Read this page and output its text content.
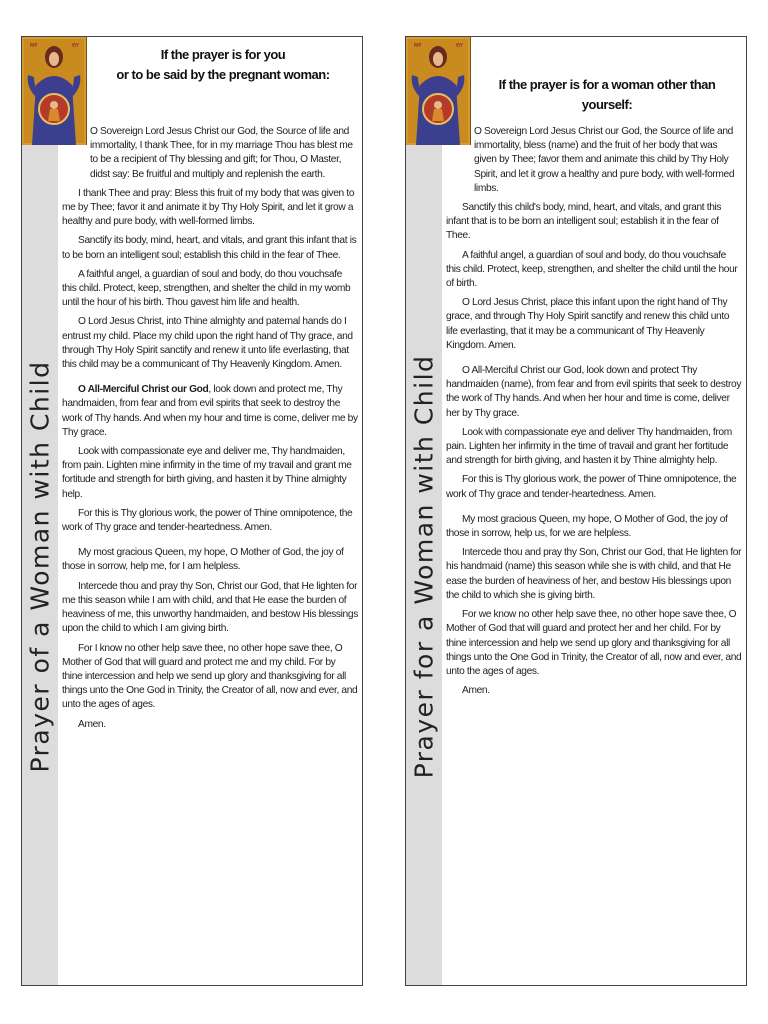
Prayer of a Woman with Child
MP	ΘΥ
If the prayer is for you
or to be said by the pregnant woman:

O Sovereign Lord Jesus Christ our God, the Source of life and immortality, I thank Thee, for in my marriage Thou has blest me to be a recipient of Thy blessing and gift; for Thou, O Master, didst say: Be fruitful and multiply and replenish the earth.

I thank Thee and pray: Bless this fruit of my body that was given to me by Thee; favor it and animate it by Thy Holy Spirit, and let it grow a healthy and pure body, with well-formed limbs.

Sanctify its body, mind, heart, and vitals, and grant this infant that is to be born an intelligent soul; establish this child in the fear of Thee.

A faithful angel, a guardian of soul and body, do thou vouchsafe this child. Protect, keep, strengthen, and shelter the child in my womb until the hour of his birth. Thou gavest him life and health.

O Lord Jesus Christ, into Thine almighty and paternal hands do I entrust my child. Place my child upon the right hand of Thy grace, and through Thy Holy Spirit sanctify and renew it unto life everlasting, that this child may be a communicant of Thy Heavenly Kingdom. Amen.

O All-Merciful Christ our God, look down and protect me, Thy handmaiden, from fear and from evil spirits that seek to destroy the work of Thy hands. And when my hour and time is come, deliver me by Thy grace.

Look with compassionate eye and deliver me, Thy handmaiden, from pain. Lighten mine infirmity in the time of my travail and grant me fortitude and strength for birth giving, and hasten it by Thine almighty help.

For this is Thy glorious work, the power of Thine omnipotence, the work of Thy grace and tender-heartedness. Amen.

My most gracious Queen, my hope, O Mother of God, the joy of those in sorrow, help me, for I am helpless.

Intercede thou and pray thy Son, Christ our God, that He lighten for me this season while I am with child, and that He ease the burden of heaviness of me, this unworthy handmaiden, and bestow His blessings upon the child to which I am giving birth.

For I know no other help save thee, no other hope save thee, O Mother of God that will guard and protect me and my child. For by thine intercession and help we send up glory and thanksgiving for all things unto the One God in Trinity, the Creator of all, now and ever, and unto the ages of ages.

Amen.	Prayer for a Woman with Child
MP	ΘΥ
If the prayer is for a woman other than yourself:

O Sovereign Lord Jesus Christ our God, the Source of life and immortality, bless (name) and the fruit of her body that was given by Thee; favor them and animate this child by Thy Holy Spirit, and let it grow a healthy and pure body, with well-formed limbs.

Sanctify this child's body, mind, heart, and vitals, and grant this infant that is to be born an intelligent soul; establish it in the fear of Thee.

A faithful angel, a guardian of soul and body, do thou vouchsafe this child. Protect, keep, strengthen, and shelter the child until the hour of birth.

O Lord Jesus Christ, place this infant upon the right hand of Thy grace, and through Thy Holy Spirit sanctify and renew this child unto life everlasting, that it may be a communicant of Thy Heavenly Kingdom. Amen.

O All-Merciful Christ our God, look down and protect Thy handmaiden (name), from fear and from evil spirits that seek to destroy the work of Thy hands. And when her hour and time is come, deliver her by Thy grace.

Look with compassionate eye and deliver Thy handmaiden, from pain. Lighten her infirmity in the time of travail and grant her fortitude and strength for birth giving, and hasten it by Thine almighty help.

For this is Thy glorious work, the power of Thine omnipotence, the work of Thy grace and tender-heartedness. Amen.

My most gracious Queen, my hope, O Mother of God, the joy of those in sorrow, help us, for we are helpless.

Intercede thou and pray thy Son, Christ our God, that He lighten for his handmaid (name) this season while she is with child, and that He ease the burden of heaviness of her, and bestow His blessings upon the child to which she is giving birth.

For we know no other help save thee, no other hope save thee, O Mother of God that will guard and protect her and her child. For by thine intercession and help we send up glory and thanksgiving for all things unto the One God in Trinity, the Creator of all, now and ever, and unto the ages of ages.

Amen.
